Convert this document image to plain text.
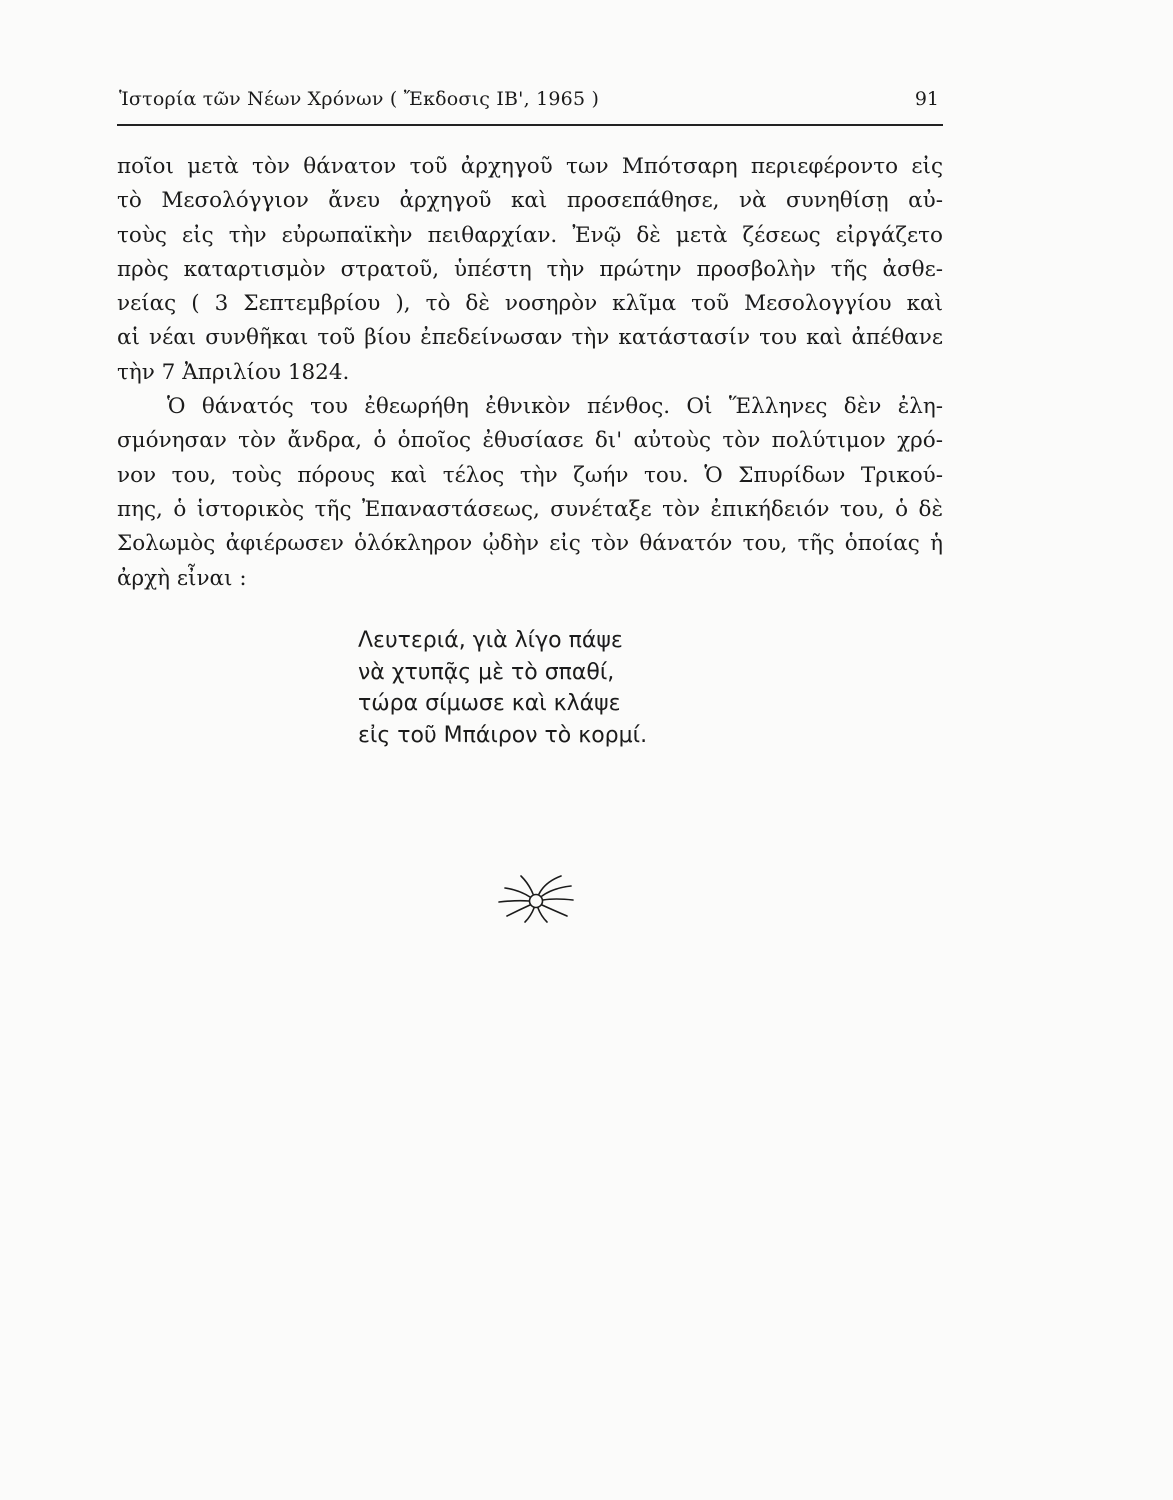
Ἱστορία τῶν Νέων Χρόνων ( Ἔκδοσις ΙΒ', 1965 )	91
ποῖοι μετὰ τὸν θάνατον τοῦ ἀρχηγοῦ των Μπότσαρη περιεφέροντο εἰς
τὸ Μεσολόγγιον ἄνευ ἀρχηγοῦ καὶ προσεπάθησε, νὰ συνηθίσῃ αὐ-
τοὺς εἰς τὴν εὐρωπαϊκὴν πειθαρχίαν. Ἐνῷ δὲ μετὰ ζέσεως εἰργάζετο
πρὸς καταρτισμὸν στρατοῦ, ὑπέστη τὴν πρώτην προσβολὴν τῆς ἀσθε-
νείας ( 3 Σεπτεμβρίου ), τὸ δὲ νοσηρὸν κλῖμα τοῦ Μεσολογγίου καὶ
αἱ νέαι συνθῆκαι τοῦ βίου ἐπεδείνωσαν τὴν κατάστασίν του καὶ ἀπέθανε
τὴν 7 Ἀπριλίου 1824.
Ὁ θάνατός του ἐθεωρήθη ἐθνικὸν πένθος. Οἱ Ἕλληνες δὲν ἐλη-
σμόνησαν τὸν ἄνδρα, ὁ ὁποῖος ἐθυσίασε δι' αὐτοὺς τὸν πολύτιμον χρό-
νον του, τοὺς πόρους καὶ τέλος τὴν ζωήν του. Ὁ Σπυρίδων Τρικού-
πης, ὁ ἱστορικὸς τῆς Ἐπαναστάσεως, συνέταξε τὸν ἐπικήδειόν του, ὁ δὲ
Σολωμὸς ἀφιέρωσεν ὁλόκληρον ᾠδὴν εἰς τὸν θάνατόν του, τῆς ὁποίας ἡ
ἀρχὴ εἶναι :
Λευτεριά, γιὰ λίγο πάψε
νὰ χτυπᾷς μὲ τὸ σπαθί,
τώρα σίμωσε καὶ κλάψε
εἰς τοῦ Μπάιρον τὸ κορμί.
